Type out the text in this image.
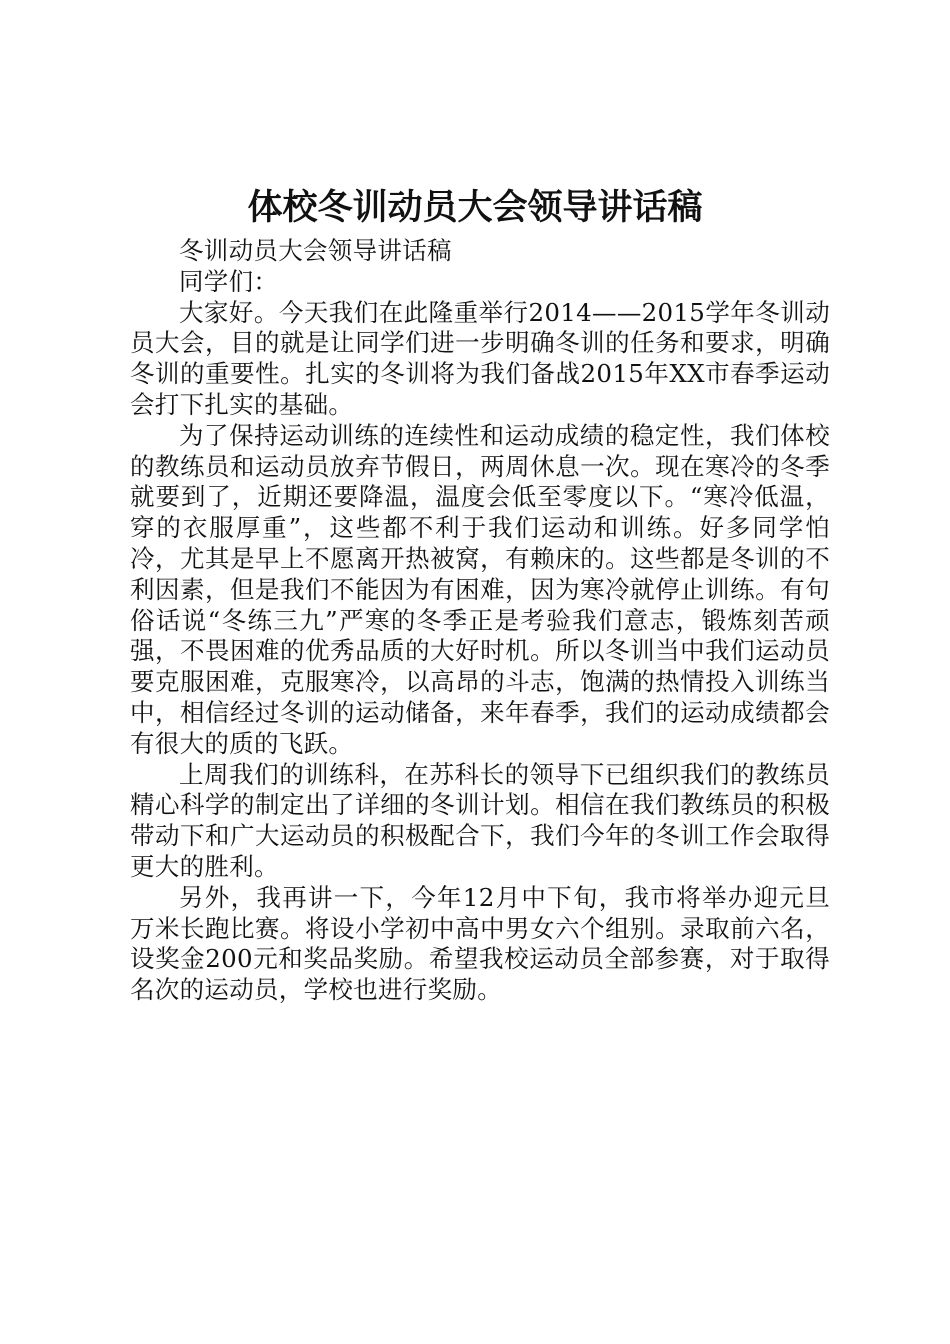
体校冬训动员大会领导讲话稿

冬训动员大会领导讲话稿

同学们：

大家好。今天我们在此隆重举行2014——2015学年冬训动员大会，目的就是让同学们进一步明确冬训的任务和要求，明确冬训的重要性。扎实的冬训将为我们备战2015年XX市春季运动会打下扎实的基础。

为了保持运动训练的连续性和运动成绩的稳定性，我们体校的教练员和运动员放弃节假日，两周休息一次。现在寒冷的冬季就要到了，近期还要降温，温度会低至零度以下。“寒冷低温，穿的衣服厚重”，这些都不利于我们运动和训练。好多同学怕冷，尤其是早上不愿离开热被窝，有赖床的。这些都是冬训的不利因素，但是我们不能因为有困难，因为寒冷就停止训练。有句俗话说“冬练三九”严寒的冬季正是考验我们意志，锻炼刻苦顽强，不畏困难的优秀品质的大好时机。所以冬训当中我们运动员要克服困难，克服寒冷，以高昂的斗志，饱满的热情投入训练当中，相信经过冬训的运动储备，来年春季，我们的运动成绩都会有很大的质的飞跃。

上周我们的训练科，在苏科长的领导下已组织我们的教练员精心科学的制定出了详细的冬训计划。相信在我们教练员的积极带动下和广大运动员的积极配合下，我们今年的冬训工作会取得更大的胜利。

另外，我再讲一下，今年12月中下旬，我市将举办迎元旦万米长跑比赛。将设小学初中高中男女六个组别。录取前六名，设奖金200元和奖品奖励。希望我校运动员全部参赛，对于取得名次的运动员，学校也进行奖励。
